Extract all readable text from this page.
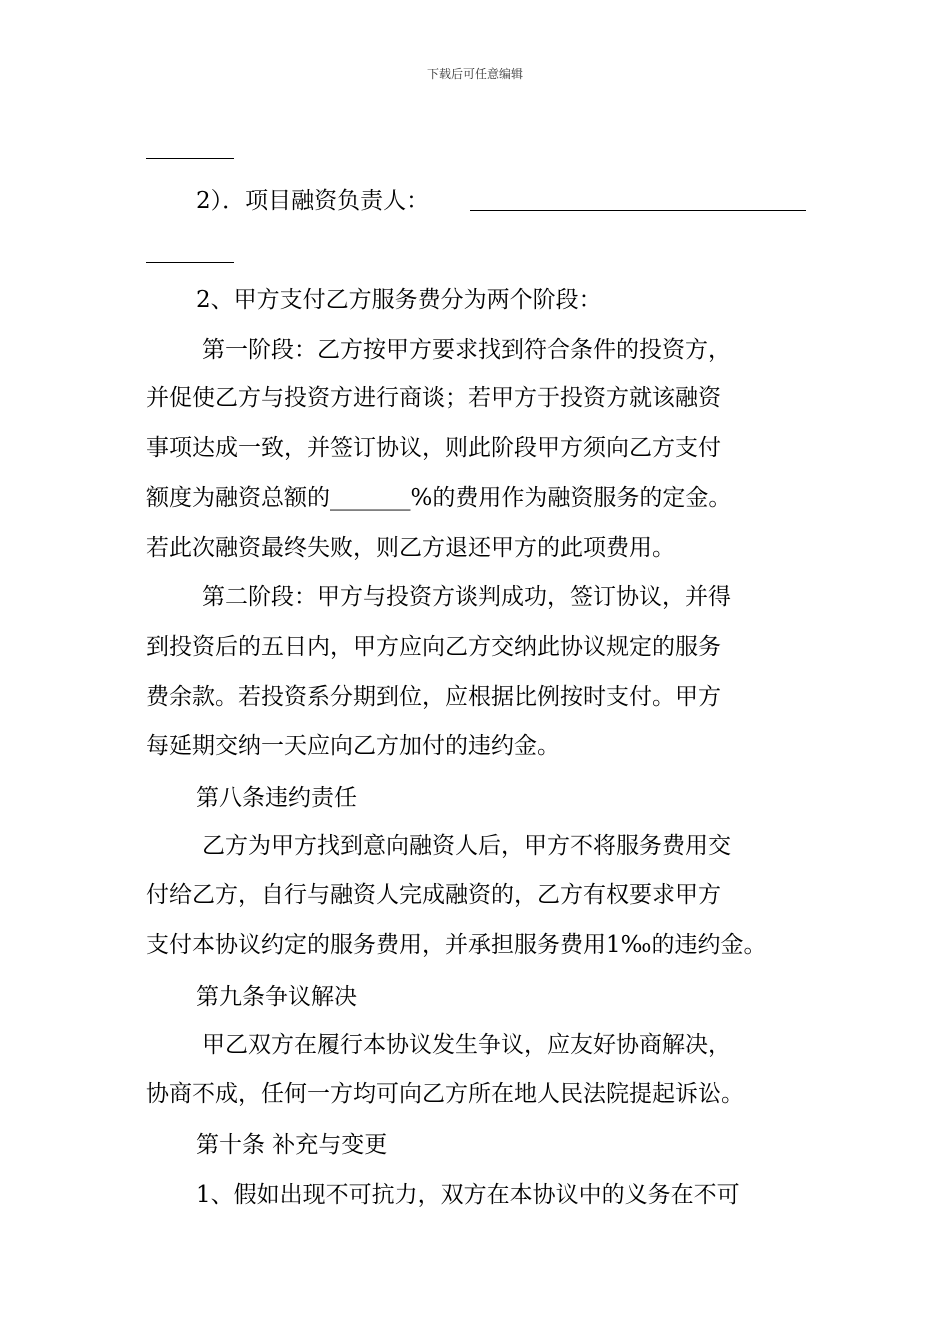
下载后可任意编辑
2）．项目融资负责人：
2、甲方支付乙方服务费分为两个阶段：
第一阶段：乙方按甲方要求找到符合条件的投资方，
并促使乙方与投资方进行商谈；若甲方于投资方就该融资
事项达成一致，并签订协议，则此阶段甲方须向乙方支付
额度为融资总额的_______%的费用作为融资服务的定金。
若此次融资最终失败，则乙方退还甲方的此项费用。
第二阶段：甲方与投资方谈判成功，签订协议，并得
到投资后的五日内，甲方应向乙方交纳此协议规定的服务
费余款。若投资系分期到位，应根据比例按时支付。甲方
每延期交纳一天应向乙方加付的违约金。
第八条违约责任
乙方为甲方找到意向融资人后，甲方不将服务费用交
付给乙方，自行与融资人完成融资的，乙方有权要求甲方
支付本协议约定的服务费用，并承担服务费用1‰的违约金。
第九条争议解决
甲乙双方在履行本协议发生争议，应友好协商解决，
协商不成，任何一方均可向乙方所在地人民法院提起诉讼。
第十条 补充与变更
1、假如出现不可抗力，双方在本协议中的义务在不可
